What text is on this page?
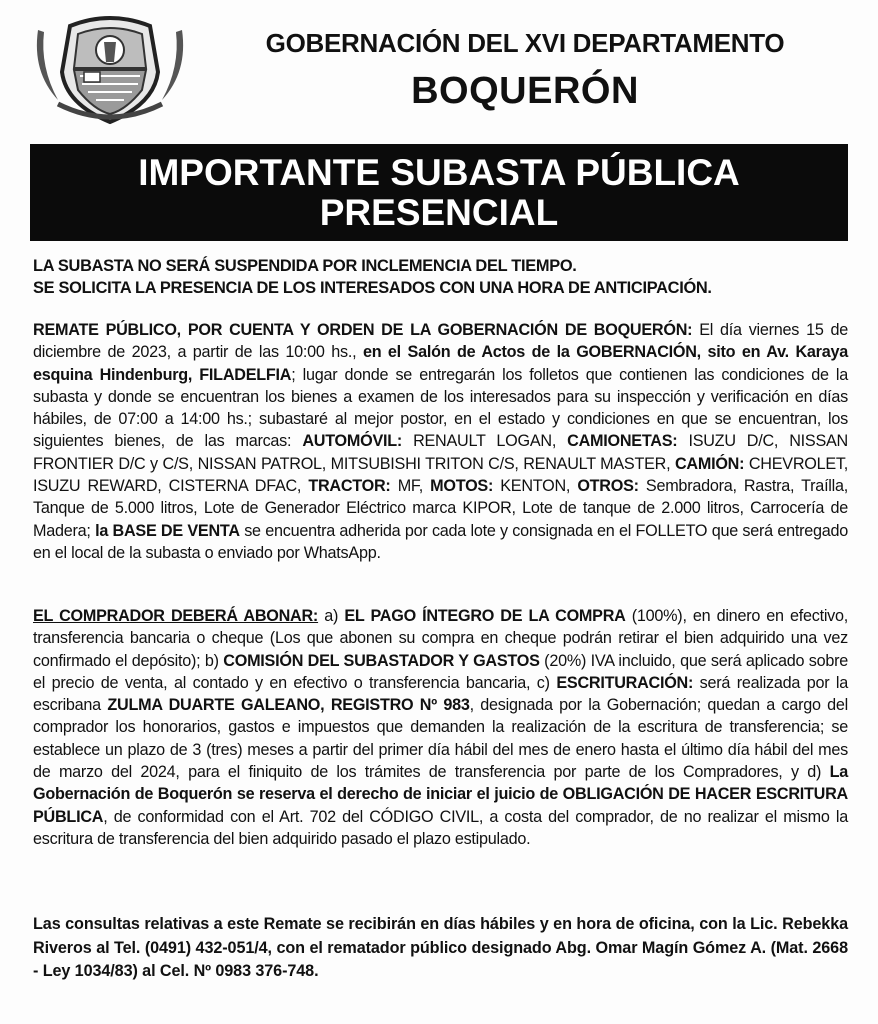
GOBERNACIÓN DEL XVI DEPARTAMENTO
BOQUERÓN
IMPORTANTE SUBASTA PÚBLICA
PRESENCIAL
LA SUBASTA NO SERÁ SUSPENDIDA POR INCLEMENCIA DEL TIEMPO.
SE SOLICITA LA PRESENCIA DE LOS INTERESADOS CON UNA HORA DE ANTICIPACIÓN.
REMATE PÚBLICO, POR CUENTA Y ORDEN DE LA GOBERNACIÓN DE BOQUERÓN: El día viernes 15 de diciembre de 2023, a partir de las 10:00 hs., en el Salón de Actos de la GOBERNACIÓN, sito en Av. Karaya esquina Hindenburg, FILADELFIA; lugar donde se entregarán los folletos que contienen las condiciones de la subasta y donde se encuentran los bienes a examen de los interesados para su inspección y verificación en días hábiles, de 07:00 a 14:00 hs.; subastaré al mejor postor, en el estado y condiciones en que se encuentran, los siguientes bienes, de las marcas: AUTOMÓVIL: RENAULT LOGAN, CAMIONETAS: ISUZU D/C, NISSAN FRONTIER D/C y C/S, NISSAN PATROL, MITSUBISHI TRITON C/S, RENAULT MASTER, CAMIÓN: CHEVROLET, ISUZU REWARD, CISTERNA DFAC, TRACTOR: MF, MOTOS: KENTON, OTROS: Sembradora, Rastra, Traílla, Tanque de 5.000 litros, Lote de Generador Eléctrico marca KIPOR, Lote de tanque de 2.000 litros, Carrocería de Madera; la BASE DE VENTA se encuentra adherida por cada lote y consignada en el FOLLETO que será entregado en el local de la subasta o enviado por WhatsApp.
EL COMPRADOR DEBERÁ ABONAR: a) EL PAGO ÍNTEGRO DE LA COMPRA (100%), en dinero en efectivo, transferencia bancaria o cheque (Los que abonen su compra en cheque podrán retirar el bien adquirido una vez confirmado el depósito); b) COMISIÓN DEL SUBASTADOR Y GASTOS (20%) IVA incluido, que será aplicado sobre el precio de venta, al contado y en efectivo o transferencia bancaria, c) ESCRITURACIÓN: será realizada por la escribana ZULMA DUARTE GALEANO, REGISTRO Nº 983, designada por la Gobernación; quedan a cargo del comprador los honorarios, gastos e impuestos que demanden la realización de la escritura de transferencia; se establece un plazo de 3 (tres) meses a partir del primer día hábil del mes de enero hasta el último día hábil del mes de marzo del 2024, para el finiquito de los trámites de transferencia por parte de los Compradores, y d) La Gobernación de Boquerón se reserva el derecho de iniciar el juicio de OBLIGACIÓN DE HACER ESCRITURA PÚBLICA, de conformidad con el Art. 702 del CÓDIGO CIVIL, a costa del comprador, de no realizar el mismo la escritura de transferencia del bien adquirido pasado el plazo estipulado.
Las consultas relativas a este Remate se recibirán en días hábiles y en hora de oficina, con la Lic. Rebekka Riveros al Tel. (0491) 432-051/4, con el rematador público designado Abg. Omar Magín Gómez A. (Mat. 2668 - Ley 1034/83) al Cel. Nº 0983 376-748.
